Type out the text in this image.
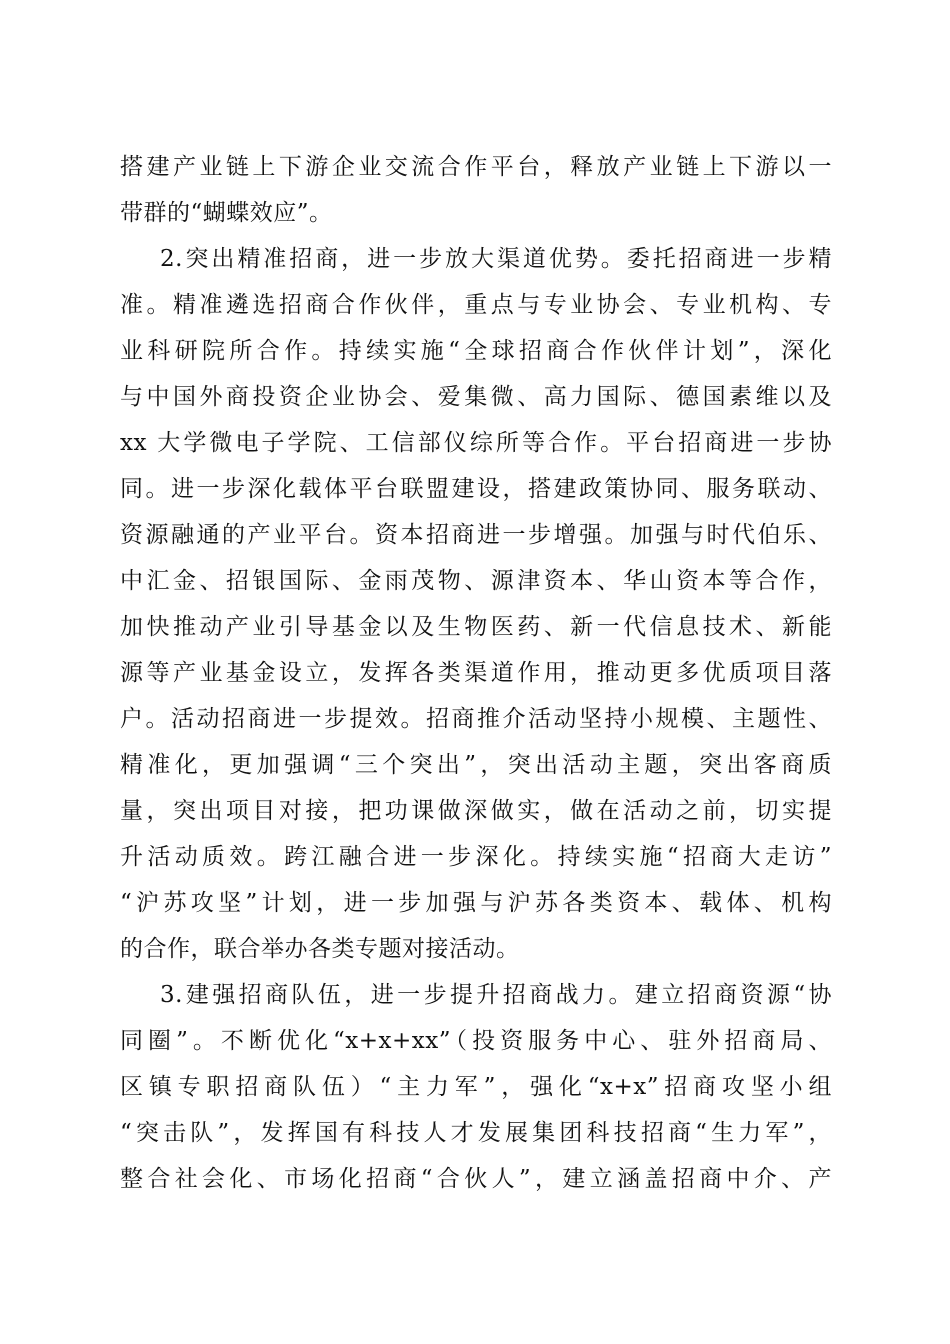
搭建产业链上下游企业交流合作平台，释放产业链上下游以一
带群的“蝴蝶效应”。
2.突出精准招商，进一步放大渠道优势。委托招商进一步精
准。精准遴选招商合作伙伴，重点与专业协会、专业机构、专
业科研院所合作。持续实施“全球招商合作伙伴计划”，深化
与中国外商投资企业协会、爱集微、高力国际、德国素维以及
xx 大学微电子学院、工信部仪综所等合作。平台招商进一步协
同。进一步深化载体平台联盟建设，搭建政策协同、服务联动、
资源融通的产业平台。资本招商进一步增强。加强与时代伯乐、
中汇金、招银国际、金雨茂物、源津资本、华山资本等合作，
加快推动产业引导基金以及生物医药、新一代信息技术、新能
源等产业基金设立，发挥各类渠道作用，推动更多优质项目落
户。活动招商进一步提效。招商推介活动坚持小规模、主题性、
精准化，更加强调“三个突出”，突出活动主题，突出客商质
量，突出项目对接，把功课做深做实，做在活动之前，切实提
升活动质效。跨江融合进一步深化。持续实施“招商大走访”
“沪苏攻坚”计划，进一步加强与沪苏各类资本、载体、机构
的合作，联合举办各类专题对接活动。
3.建强招商队伍，进一步提升招商战力。建立招商资源“协
同圈”。不断优化“x+x+xx”（投资服务中心、驻外招商局、
区镇专职招商队伍）“主力军”，强化“x+x”招商攻坚小组
“突击队”，发挥国有科技人才发展集团科技招商“生力军”，
整合社会化、市场化招商“合伙人”，建立涵盖招商中介、产
